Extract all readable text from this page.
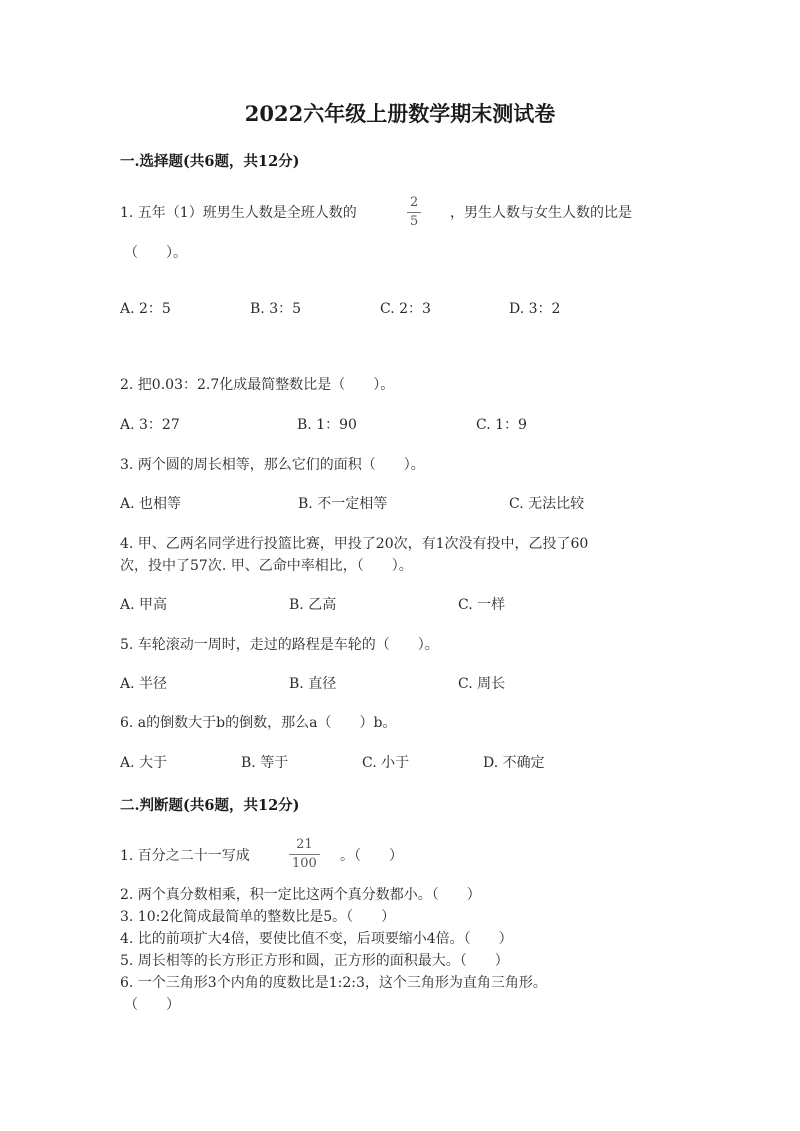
2022六年级上册数学期末测试卷
一.选择题(共6题，共12分)
1. 五年（1）班男生人数是全班人数的
2
5
，男生人数与女生人数的比是
（　　）。
A. 2：5	B. 3：5	C. 2：3	D. 3：2
2. 把0.03：2.7化成最简整数比是（　　）。
A. 3：27	B. 1：90	C. 1：9
3. 两个圆的周长相等，那么它们的面积（　　）。
A. 也相等	B. 不一定相等	C. 无法比较
4. 甲、乙两名同学进行投篮比赛，甲投了20次，有1次没有投中，乙投了60
次，投中了57次. 甲、乙命中率相比，（　　）。
A. 甲高	B. 乙高	C. 一样
5. 车轮滚动一周时，走过的路程是车轮的（　　）。
A. 半径	B. 直径	C. 周长
6. a的倒数大于b的倒数，那么a（　　）b。
A. 大于	B. 等于	C. 小于	D. 不确定
二.判断题(共6题，共12分)
1. 百分之二十一写成
21
100 。（　　）
2. 两个真分数相乘，积一定比这两个真分数都小。（　　）
3. 10:2化简成最简单的整数比是5。（　　）
4. 比的前项扩大4倍，要使比值不变，后项要缩小4倍。（　　）
5. 周长相等的长方形正方形和圆，正方形的面积最大。（　　）
6. 一个三角形3个内角的度数比是1:2:3，这个三角形为直角三角形。
（　　）
